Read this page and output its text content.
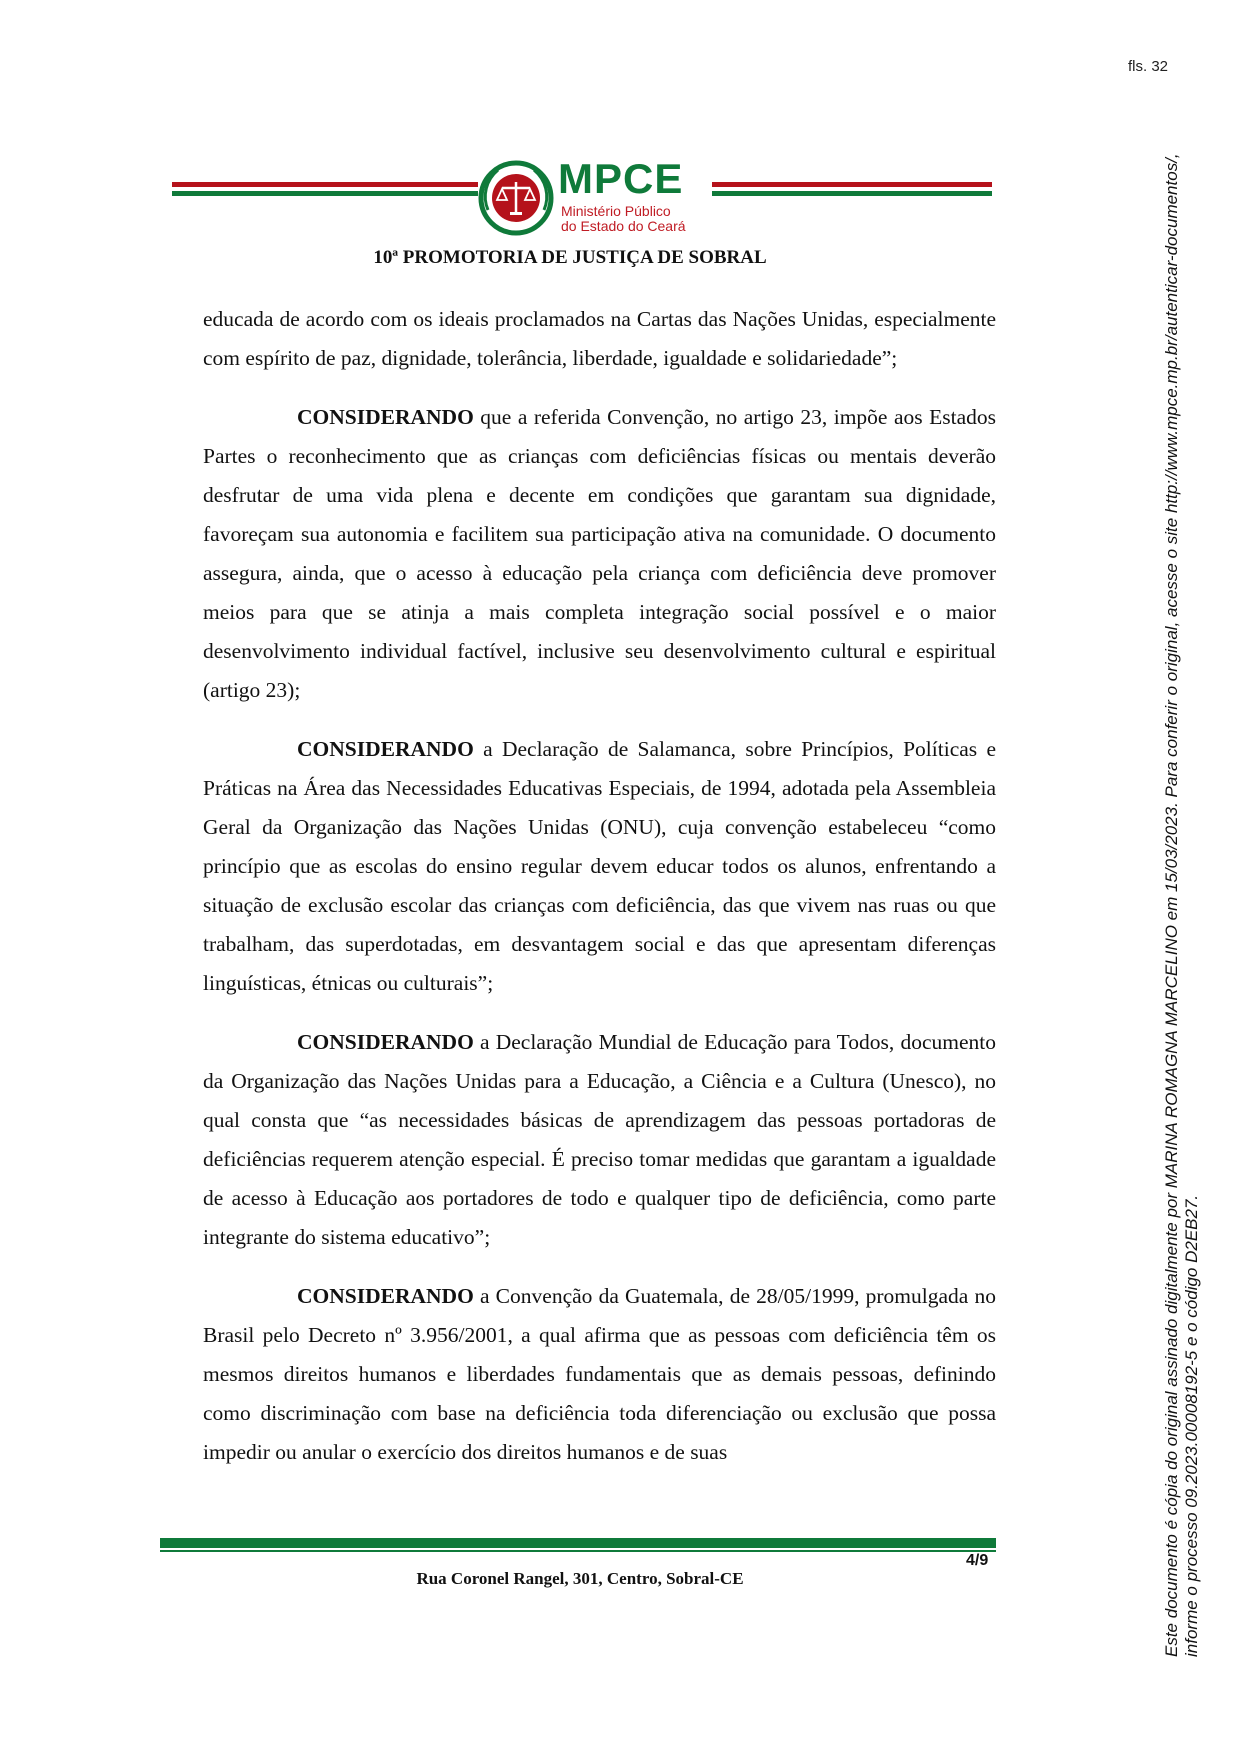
fls. 32
MPCE
Ministério Público
do Estado do Ceará
10ª PROMOTORIA DE JUSTIÇA DE SOBRAL

educada de acordo com os ideais proclamados na Cartas das Nações Unidas, especialmente com espírito de paz, dignidade, tolerância, liberdade, igualdade e solidariedade”;

CONSIDERANDO que a referida Convenção, no artigo 23, impõe aos Estados Partes o reconhecimento que as crianças com deficiências físicas ou mentais deverão desfrutar de uma vida plena e decente em condições que garantam sua dignidade, favoreçam sua autonomia e facilitem sua participação ativa na comunidade. O documento assegura, ainda, que o acesso à educação pela criança com deficiência deve promover meios para que se atinja a mais completa integração social possível e o maior desenvolvimento individual factível, inclusive seu desenvolvimento cultural e espiritual (artigo 23);

CONSIDERANDO a Declaração de Salamanca, sobre Princípios, Políticas e Práticas na Área das Necessidades Educativas Especiais, de 1994, adotada pela Assembleia Geral da Organização das Nações Unidas (ONU), cuja convenção estabeleceu “como princípio que as escolas do ensino regular devem educar todos os alunos, enfrentando a situação de exclusão escolar das crianças com deficiência, das que vivem nas ruas ou que trabalham, das superdotadas, em desvantagem social e das que apresentam diferenças linguísticas, étnicas ou culturais”;

CONSIDERANDO a Declaração Mundial de Educação para Todos, documento da Organização das Nações Unidas para a Educação, a Ciência e a Cultura (Unesco), no qual consta que “as necessidades básicas de aprendizagem das pessoas portadoras de deficiências requerem atenção especial. É preciso tomar medidas que garantam a igualdade de acesso à Educação aos portadores de todo e qualquer tipo de deficiência, como parte integrante do sistema educativo”;

CONSIDERANDO a Convenção da Guatemala, de 28/05/1999, promulgada no Brasil pelo Decreto nº 3.956/2001, a qual afirma que as pessoas com deficiência têm os mesmos direitos humanos e liberdades fundamentais que as demais pessoas, definindo como discriminação com base na deficiência toda diferenciação ou exclusão que possa impedir ou anular o exercício dos direitos humanos e de suas

4/9
Rua Coronel Rangel, 301, Centro, Sobral-CE	Este documento é cópia do original assinado digitalmente por MARINA ROMAGNA MARCELINO em 15/03/2023. Para conferir o original, acesse o site http://www.mpce.mp.br/autenticar-documentos/, informe o processo 09.2023.00008192-5 e o código D2EB27.
